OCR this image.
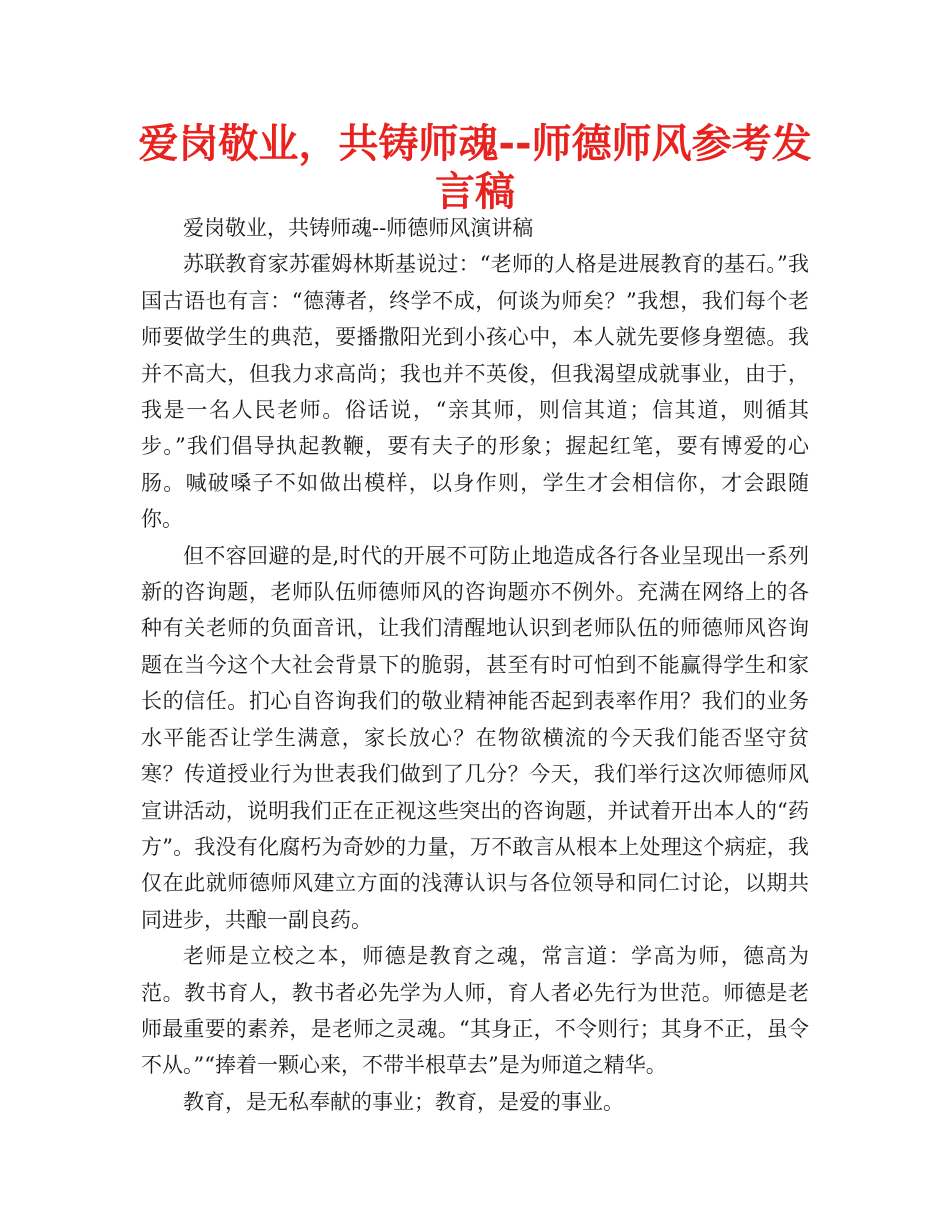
爱岗敬业，共铸师魂--师德师风参考发言稿

爱岗敬业，共铸师魂--师德师风演讲稿

苏联教育家苏霍姆林斯基说过：“老师的人格是进展教育的基石。”我国古语也有言：“德薄者，终学不成，何谈为师矣？”我想，我们每个老师要做学生的典范，要播撒阳光到小孩心中，本人就先要修身塑德。我并不高大，但我力求高尚；我也并不英俊，但我渴望成就事业，由于，我是一名人民老师。俗话说，“亲其师，则信其道；信其道，则循其步。”我们倡导执起教鞭，要有夫子的形象；握起红笔，要有博爱的心肠。喊破嗓子不如做出模样，以身作则，学生才会相信你，才会跟随你。

但不容回避的是,时代的开展不可防止地造成各行各业呈现出一系列新的咨询题，老师队伍师德师风的咨询题亦不例外。充满在网络上的各种有关老师的负面音讯，让我们清醒地认识到老师队伍的师德师风咨询题在当今这个大社会背景下的脆弱，甚至有时可怕到不能赢得学生和家长的信任。扪心自咨询我们的敬业精神能否起到表率作用？我们的业务水平能否让学生满意，家长放心？在物欲横流的今天我们能否坚守贫寒？传道授业行为世表我们做到了几分？今天，我们举行这次师德师风宣讲活动，说明我们正在正视这些突出的咨询题，并试着开出本人的“药方”。我没有化腐朽为奇妙的力量，万不敢言从根本上处理这个病症，我仅在此就师德师风建立方面的浅薄认识与各位领导和同仁讨论，以期共同进步，共酿一副良药。

老师是立校之本，师德是教育之魂，常言道：学高为师，德高为范。教书育人，教书者必先学为人师，育人者必先行为世范。师德是老师最重要的素养，是老师之灵魂。“其身正，不令则行；其身不正，虽令不从。”“捧着一颗心来，不带半根草去”是为师道之精华。

教育，是无私奉献的事业；教育，是爱的事业。
